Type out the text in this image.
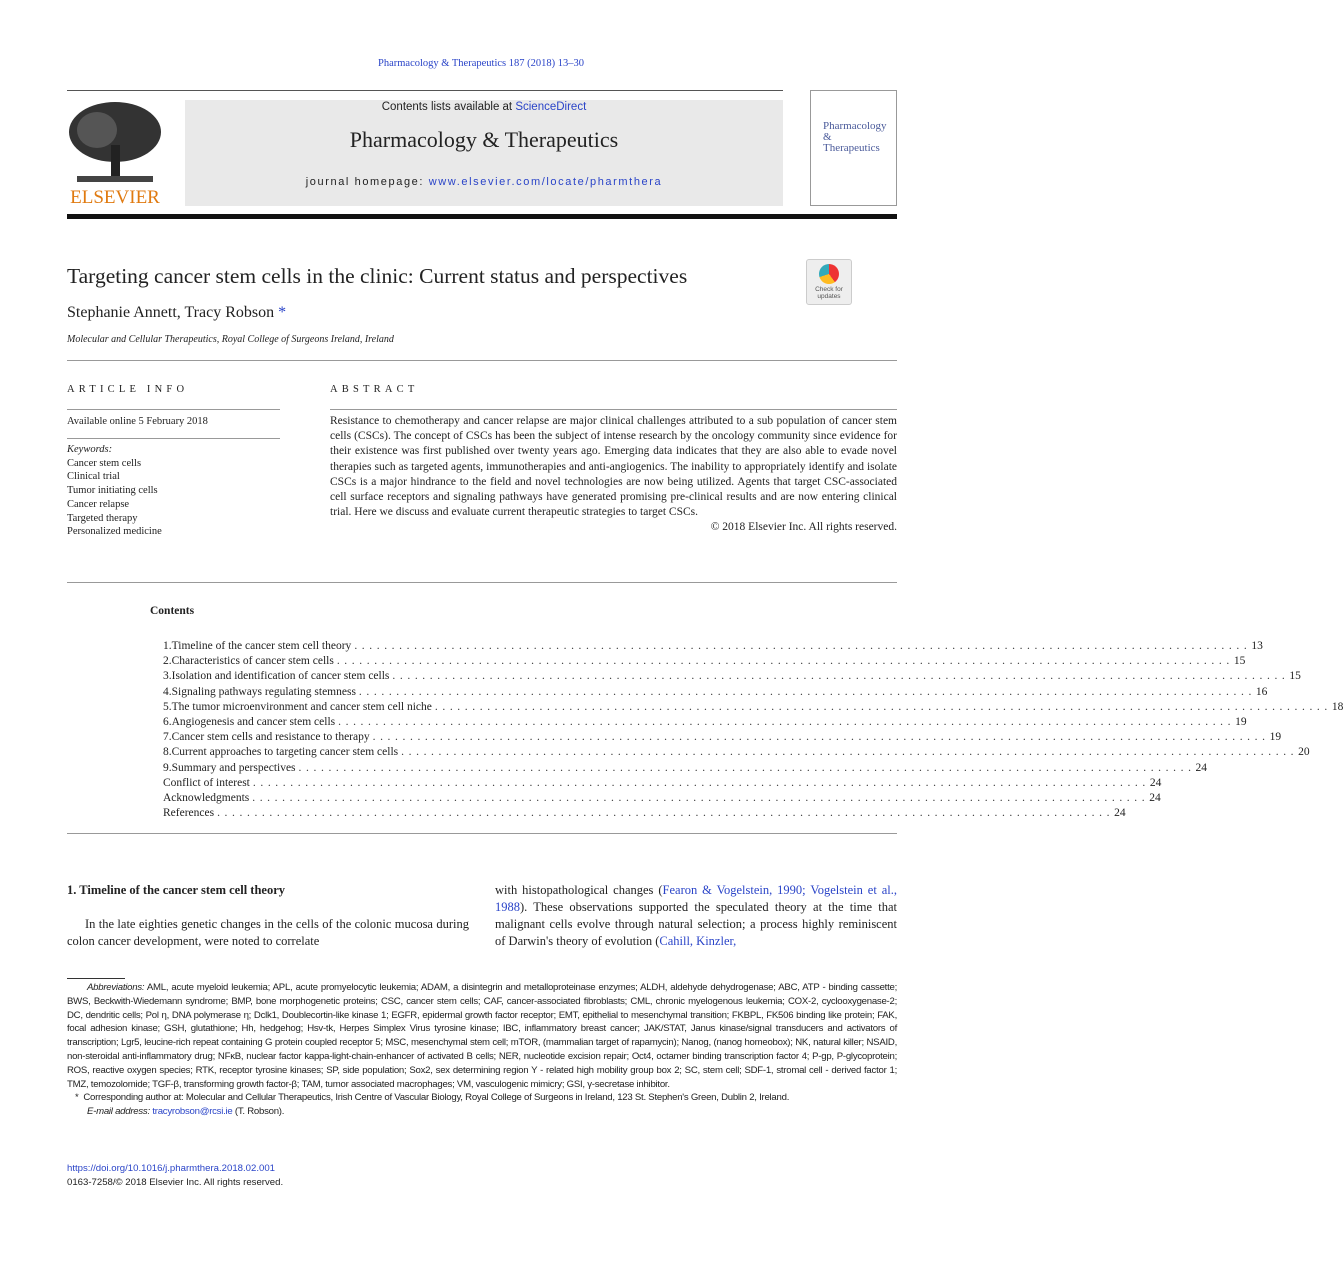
Pharmacology & Therapeutics 187 (2018) 13–30
ELSEVIER
Contents lists available at ScienceDirect
Pharmacology & Therapeutics
journal homepage: www.elsevier.com/locate/pharmthera
Pharmacology & Therapeutics
Targeting cancer stem cells in the clinic: Current status and perspectives
Check for updates
Stephanie Annett, Tracy Robson *
Molecular and Cellular Therapeutics, Royal College of Surgeons Ireland, Ireland
ARTICLE INFO
Available online 5 February 2018
Keywords:
Cancer stem cells
Clinical trial
Tumor initiating cells
Cancer relapse
Targeted therapy
Personalized medicine
ABSTRACT
Resistance to chemotherapy and cancer relapse are major clinical challenges attributed to a sub population of cancer stem cells (CSCs). The concept of CSCs has been the subject of intense research by the oncology community since evidence for their existence was first published over twenty years ago. Emerging data indicates that they are also able to evade novel therapies such as targeted agents, immunotherapies and anti-angiogenics. The inability to appropriately identify and isolate CSCs is a major hindrance to the field and novel technologies are now being utilized. Agents that target CSC-associated cell surface receptors and signaling pathways have generated promising pre-clinical results and are now entering clinical trial. Here we discuss and evaluate current therapeutic strategies to target CSCs.
© 2018 Elsevier Inc. All rights reserved.
Contents
1. Timeline of the cancer stem cell theory ........................................................................................................................ 13
2. Characteristics of cancer stem cells ........................................................................................................................ 15
3. Isolation and identification of cancer stem cells ........................................................................................................................ 15
4. Signaling pathways regulating stemness ........................................................................................................................ 16
5. The tumor microenvironment and cancer stem cell niche ........................................................................................................................ 18
6. Angiogenesis and cancer stem cells ........................................................................................................................ 19
7. Cancer stem cells and resistance to therapy ........................................................................................................................ 19
8. Current approaches to targeting cancer stem cells ........................................................................................................................ 20
9. Summary and perspectives ........................................................................................................................ 24
Conflict of interest ........................................................................................................................ 24
Acknowledgments ........................................................................................................................ 24
References ........................................................................................................................ 24
1. Timeline of the cancer stem cell theory
In the late eighties genetic changes in the cells of the colonic mucosa during colon cancer development, were noted to correlate
with histopathological changes (Fearon & Vogelstein, 1990; Vogelstein et al., 1988). These observations supported the speculated theory at the time that malignant cells evolve through natural selection; a process highly reminiscent of Darwin's theory of evolution (Cahill, Kinzler,
Abbreviations: AML, acute myeloid leukemia; APL, acute promyelocytic leukemia; ADAM, a disintegrin and metalloproteinase enzymes; ALDH, aldehyde dehydrogenase; ABC, ATP - binding cassette; BWS, Beckwith-Wiedemann syndrome; BMP, bone morphogenetic proteins; CSC, cancer stem cells; CAF, cancer-associated fibroblasts; CML, chronic myelogenous leukemia; COX-2, cyclooxygenase-2; DC, dendritic cells; Pol η, DNA polymerase η; Dclk1, Doublecortin-like kinase 1; EGFR, epidermal growth factor receptor; EMT, epithelial to mesenchymal transition; FKBPL, FK506 binding like protein; FAK, focal adhesion kinase; GSH, glutathione; Hh, hedgehog; Hsv-tk, Herpes Simplex Virus tyrosine kinase; IBC, inflammatory breast cancer; JAK/STAT, Janus kinase/signal transducers and activators of transcription; Lgr5, leucine-rich repeat containing G protein coupled receptor 5; MSC, mesenchymal stem cell; mTOR, (mammalian target of rapamycin); Nanog, (nanog homeobox); NK, natural killer; NSAID, non-steroidal anti-inflammatory drug; NFκB, nuclear factor kappa-light-chain-enhancer of activated B cells; NER, nucleotide excision repair; Oct4, octamer binding transcription factor 4; P-gp, P-glycoprotein; ROS, reactive oxygen species; RTK, receptor tyrosine kinases; SP, side population; Sox2, sex determining region Y - related high mobility group box 2; SC, stem cell; SDF-1, stromal cell - derived factor 1; TMZ, temozolomide; TGF-β, transforming growth factor-β; TAM, tumor associated macrophages; VM, vasculogenic mimicry; GSI, γ-secretase inhibitor.
* Corresponding author at: Molecular and Cellular Therapeutics, Irish Centre of Vascular Biology, Royal College of Surgeons in Ireland, 123 St. Stephen's Green, Dublin 2, Ireland.
E-mail address: tracyrobson@rcsi.ie (T. Robson).
https://doi.org/10.1016/j.pharmthera.2018.02.001
0163-7258/© 2018 Elsevier Inc. All rights reserved.
